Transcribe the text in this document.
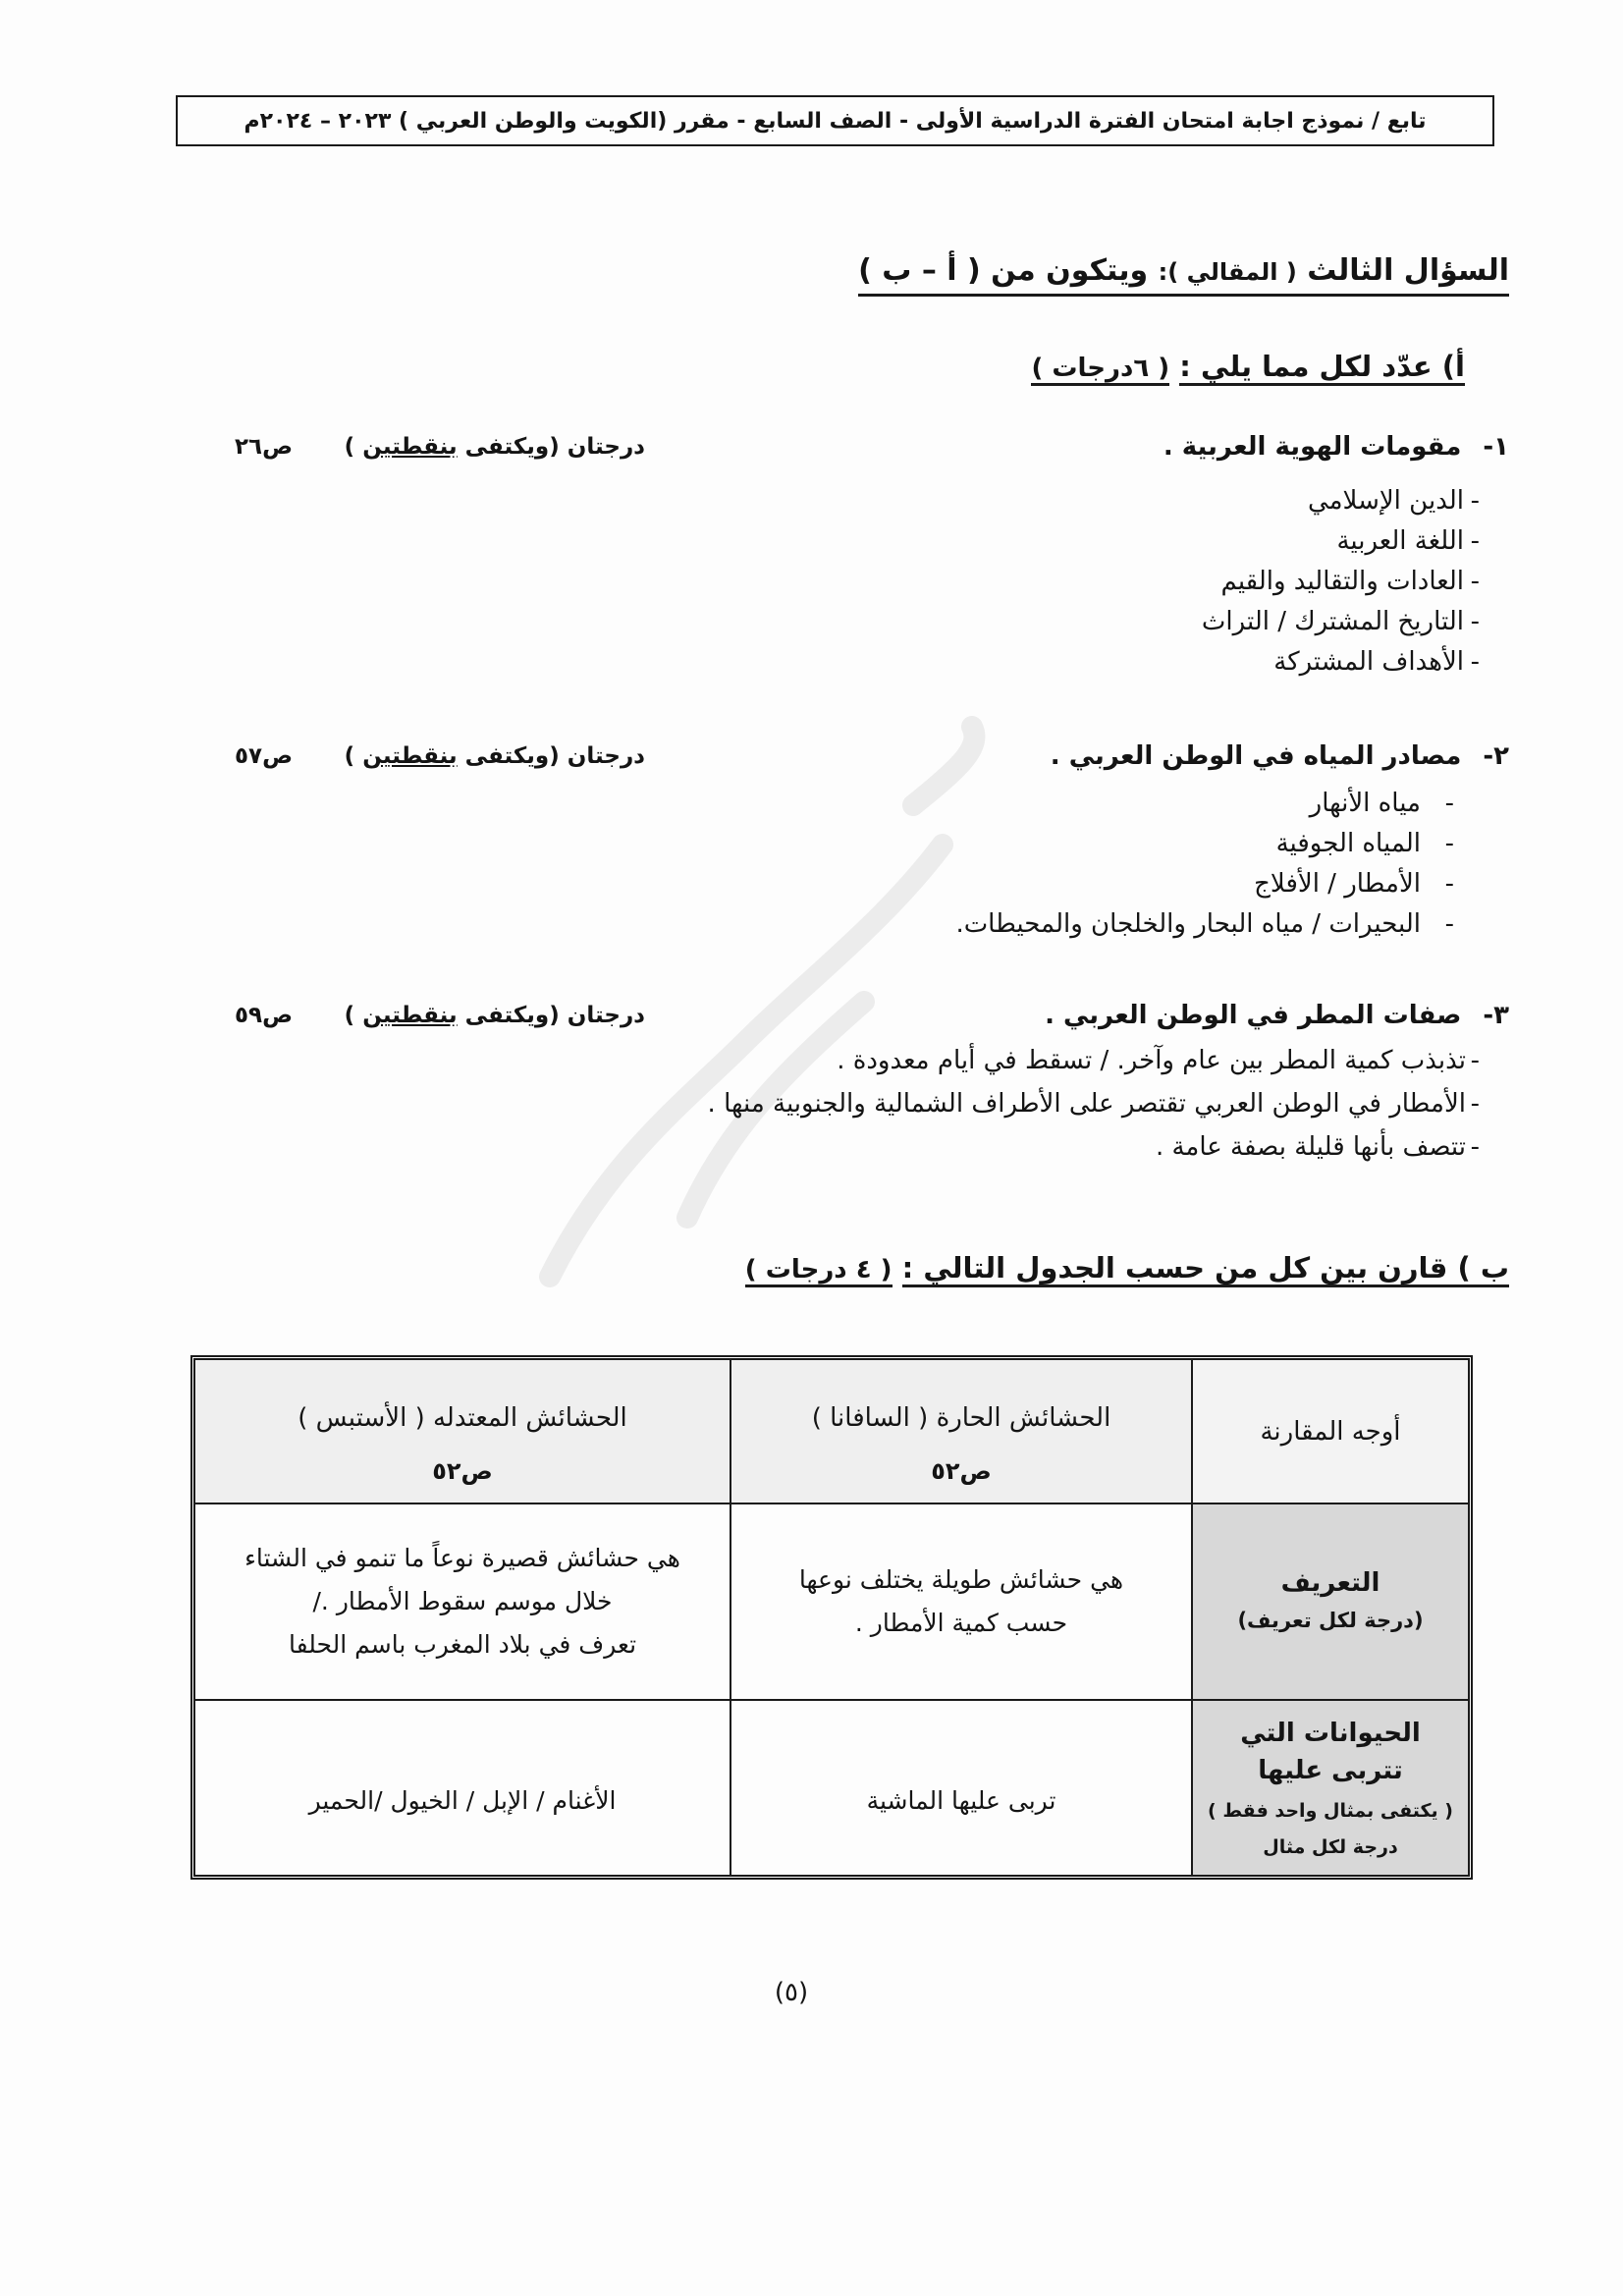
تابع / نموذج اجابة امتحان الفترة الدراسية الأولى - الصف السابع - مقرر (الكويت والوطن العربي ) ٢٠٢٣ – ٢٠٢٤م
السؤال الثالث ( المقالي ): ويتكون من ( أ – ب )
أ) عدّد لكل مما يلي : ( ٦درجات )
١-مقومات الهوية العربية .
درجتان (ويكتفى بنقطتين )
ص٢٦
- الدين الإسلامي
- اللغة العربية
- العادات والتقاليد والقيم
- التاريخ المشترك / التراث
- الأهداف المشتركة
٢-مصادر المياه في الوطن العربي .
درجتان (ويكتفى بنقطتين )
ص٥٧
- مياه الأنهار
- المياه الجوفية
- الأمطار / الأفلاج
- البحيرات / مياه البحار والخلجان والمحيطات.
٣-صفات المطر في الوطن العربي .
درجتان (ويكتفى بنقطتين )
ص٥٩
- تذبذب كمية المطر بين عام وآخر. / تسقط في أيام معدودة .
- الأمطار في الوطن العربي تقتصر على الأطراف الشمالية والجنوبية منها .
- تتصف بأنها قليلة بصفة عامة .
ب ) قارن بين كل من حسب الجدول التالي : ( ٤ درجات )
أوجه المقارنة
الحشائش الحارة ( السافانا )
ص٥٢
الحشائش المعتدله ( الأستبس )
ص٥٢
التعريف
(درجة لكل تعريف)
هي حشائش طويلة يختلف نوعها
حسب كمية الأمطار .
هي حشائش قصيرة نوعاً ما تنمو في الشتاء
خلال موسم سقوط الأمطار ./
تعرف في بلاد المغرب باسم الحلفا
الحيوانات التي
تتربى عليها
( يكتفى بمثال واحد فقط )
درجة لكل مثال
تربى عليها الماشية
الأغنام / الإبل / الخيول /الحمير
(٥)
